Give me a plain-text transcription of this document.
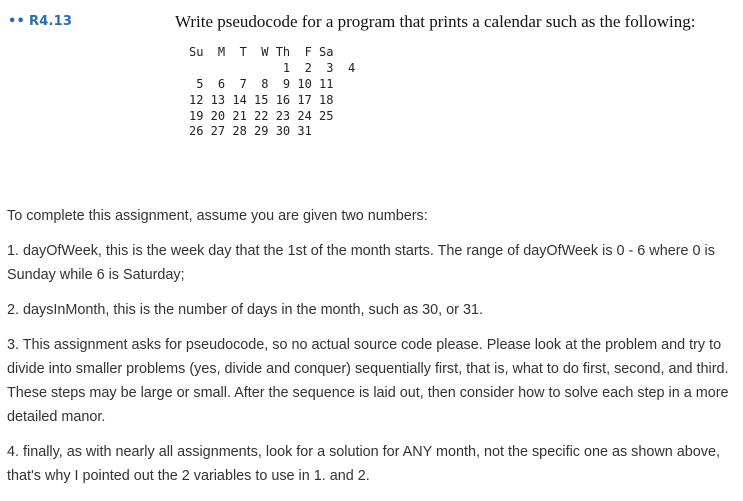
•• R4.13	Write pseudocode for a program that prints a calendar such as the following:
Su  M  T  W Th  F Sa
1  2  3  4
5  6  7  8  9 10 11
12 13 14 15 16 17 18
19 20 21 22 23 24 25
26 27 28 29 30 31

To complete this assignment, assume you are given two numbers:

1. dayOfWeek, this is the week day that the 1st of the month starts. The range of dayOfWeek is 0 - 6 where 0 is Sunday while 6 is Saturday;

2. daysInMonth, this is the number of days in the month, such as 30, or 31.

3. This assignment asks for pseudocode, so no actual source code please. Please look at the problem and try to divide into smaller problems (yes, divide and conquer) sequentially first, that is, what to do first, second, and third. These steps may be large or small. After the sequence is laid out, then consider how to solve each step in a more detailed manor.

4. finally, as with nearly all assignments, look for a solution for ANY month, not the specific one as shown above, that's why I pointed out the 2 variables to use in 1. and 2.
